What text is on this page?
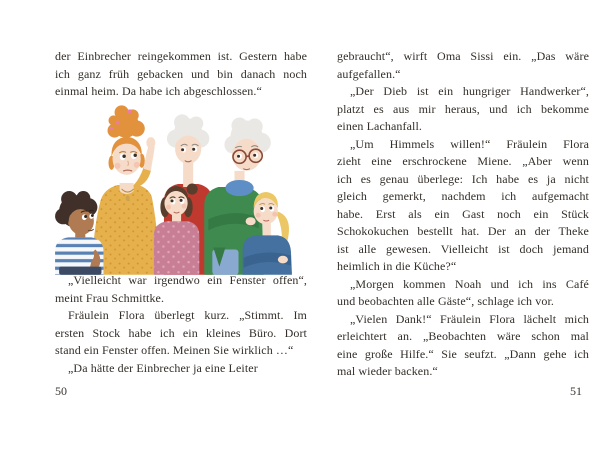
der Einbrecher reingekommen ist. Gestern habe
ich ganz früh gebacken und bin danach noch
einmal heim. Da habe ich abgeschlossen.“
„Vielleicht war irgendwo ein Fenster offen“,
meint Frau Schmittke.
Fräulein Flora überlegt kurz. „Stimmt. Im
ersten Stock habe ich ein kleines Büro. Dort
stand ein Fenster offen. Meinen Sie wirklich …“
„Da hätte der Einbrecher ja eine Leiter
50
gebraucht“, wirft Oma Sissi ein. „Das wäre
aufgefallen.“
„Der Dieb ist ein hungriger Handwerker“,
platzt es aus mir heraus, und ich bekomme
einen Lachanfall.
„Um Himmels willen!“ Fräulein Flora
zieht eine erschrockene Miene. „Aber wenn
ich es genau überlege: Ich habe es ja nicht
gleich gemerkt, nachdem ich aufgemacht
habe. Erst als ein Gast noch ein Stück
Schokokuchen bestellt hat. Der an der Theke
ist alle gewesen. Vielleicht ist doch jemand
heimlich in die Küche?“
„Morgen kommen Noah und ich ins Café
und beobachten alle Gäste“, schlage ich vor.
„Vielen Dank!“ Fräulein Flora lächelt mich
erleichtert an. „Beobachten wäre schon mal
eine große Hilfe.“ Sie seufzt. „Dann gehe ich
mal wieder backen.“
51
